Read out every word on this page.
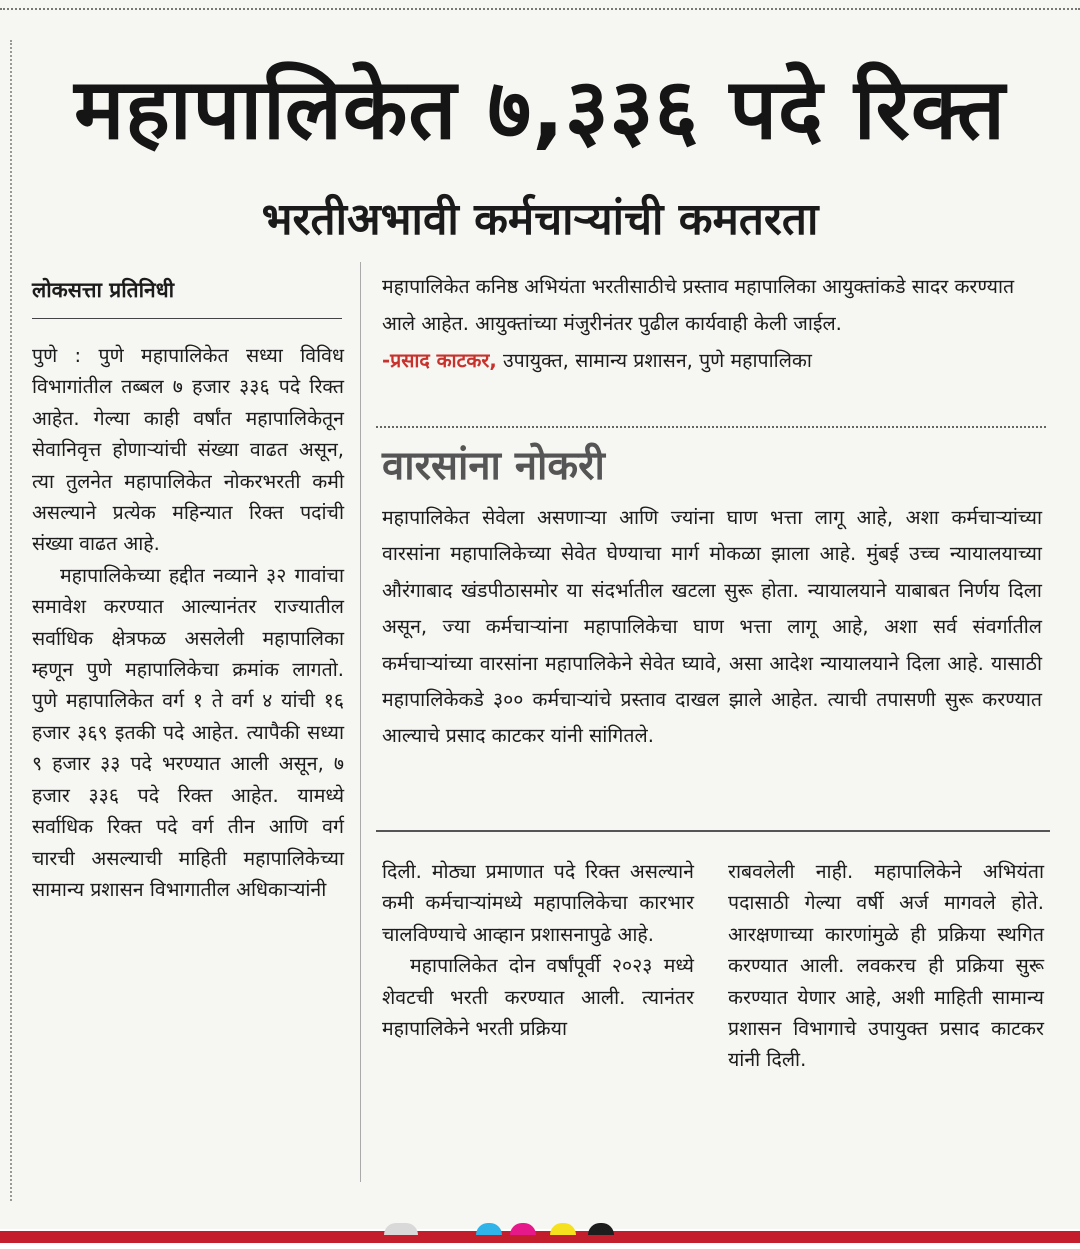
महापालिकेत ७,३३६ पदे रिक्त
भरतीअभावी कर्मचाऱ्यांची कमतरता
लोकसत्ता प्रतिनिधी

पुणे : पुणे महापालिकेत सध्या विविध विभागांतील तब्बल ७ हजार ३३६ पदे रिक्त आहेत. गेल्या काही वर्षांत महापालिकेतून सेवानिवृत्त होणाऱ्यांची संख्या वाढत असून, त्या तुलनेत महापालिकेत नोकरभरती कमी असल्याने प्रत्येक महिन्यात रिक्त पदांची संख्या वाढत आहे.

महापालिकेच्या हद्दीत नव्याने ३२ गावांचा समावेश करण्यात आल्यानंतर राज्यातील सर्वाधिक क्षेत्रफळ असलेली महापालिका म्हणून पुणे महापालिकेचा क्रमांक लागतो. पुणे महापालिकेत वर्ग १ ते वर्ग ४ यांची १६ हजार ३६९ इतकी पदे आहेत. त्यापैकी सध्या ९ हजार ३३ पदे भरण्यात आली असून, ७ हजार ३३६ पदे रिक्त आहेत. यामध्ये सर्वाधिक रिक्त पदे वर्ग तीन आणि वर्ग चारची असल्याची माहिती महापालिकेच्या सामान्य प्रशासन विभागातील अधिकाऱ्यांनी

महापालिकेत कनिष्ठ अभियंता भरतीसाठीचे प्रस्ताव महापालिका आयुक्तांकडे सादर करण्यात आले आहेत. आयुक्तांच्या मंजुरीनंतर पुढील कार्यवाही केली जाईल.

-प्रसाद काटकर, उपायुक्त, सामान्य प्रशासन, पुणे महापालिका

वारसांना नोकरी

महापालिकेत सेवेला असणाऱ्या आणि ज्यांना घाण भत्ता लागू आहे, अशा कर्मचाऱ्यांच्या वारसांना महापालिकेच्या सेवेत घेण्याचा मार्ग मोकळा झाला आहे. मुंबई उच्च न्यायालयाच्या औरंगाबाद खंडपीठासमोर या संदर्भातील खटला सुरू होता. न्यायालयाने याबाबत निर्णय दिला असून, ज्या कर्मचाऱ्यांना महापालिकेचा घाण भत्ता लागू आहे, अशा सर्व संवर्गातील कर्मचाऱ्यांच्या वारसांना महापालिकेने सेवेत घ्यावे, असा आदेश न्यायालयाने दिला आहे. यासाठी महापालिकेकडे ३०० कर्मचाऱ्यांचे प्रस्ताव दाखल झाले आहेत. त्याची तपासणी सुरू करण्यात आल्याचे प्रसाद काटकर यांनी सांगितले.

दिली. मोठ्या प्रमाणात पदे रिक्त असल्याने कमी कर्मचाऱ्यांमध्ये महापालिकेचा कारभार चालविण्याचे आव्हान प्रशासनापुढे आहे.

महापालिकेत दोन वर्षांपूर्वी २०२३ मध्ये शेवटची भरती करण्यात आली. त्यानंतर महापालिकेने भरती प्रक्रिया

राबवलेली नाही. महापालिकेने अभियंता पदासाठी गेल्या वर्षी अर्ज मागवले होते. आरक्षणाच्या कारणांमुळे ही प्रक्रिया स्थगित करण्यात आली. लवकरच ही प्रक्रिया सुरू करण्यात येणार आहे, अशी माहिती सामान्य प्रशासन विभागाचे उपायुक्त प्रसाद काटकर यांनी दिली.
